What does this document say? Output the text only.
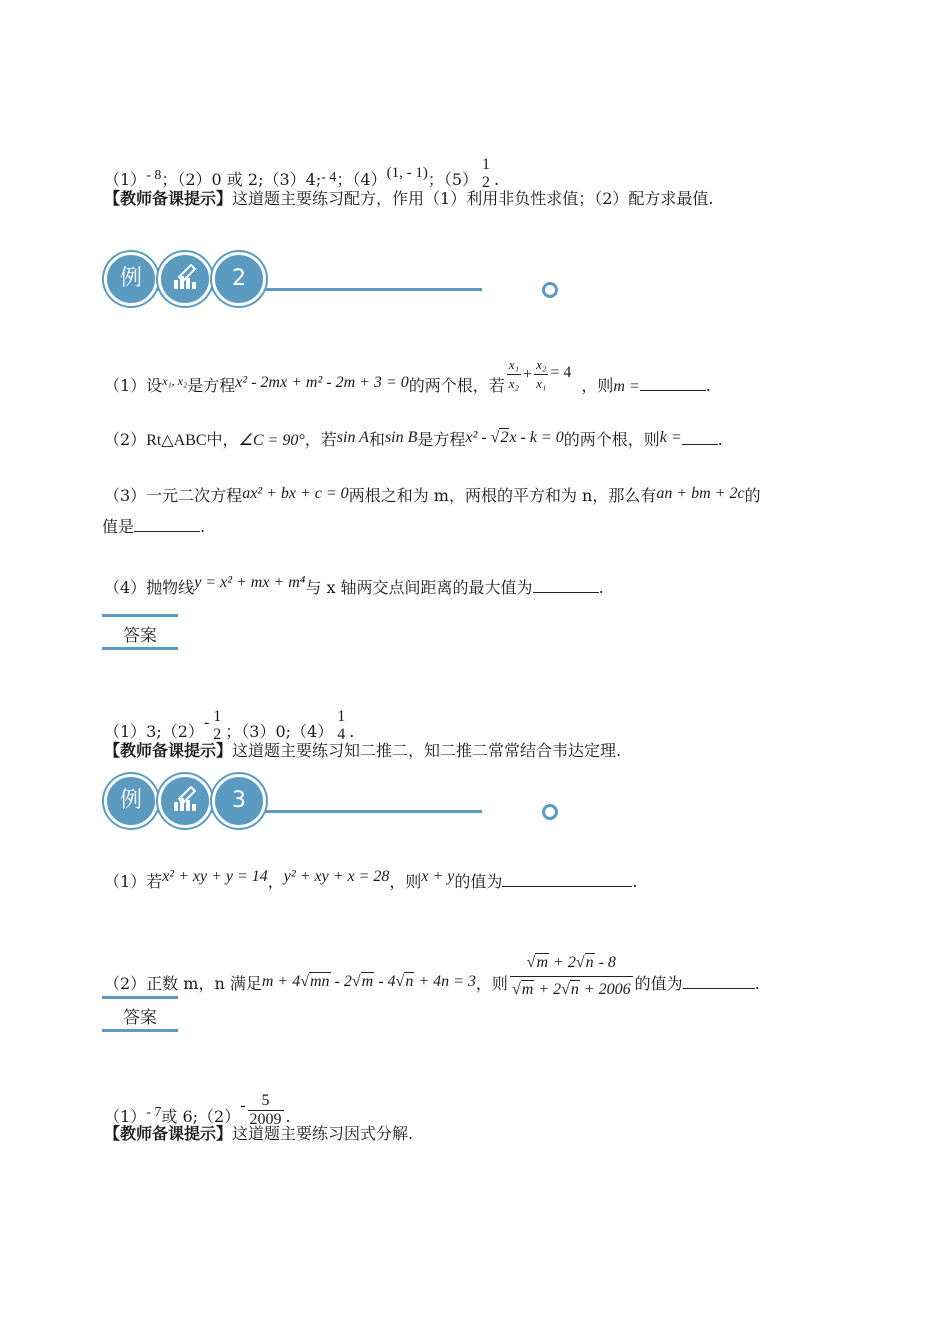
（1）- 8；（2）0 或 2;（3）4;- 4；（4）(1, - 1)；（5）
1
2 .
【教师备课提示】这道题主要练习配方，作用（1）利用非负性求值；（2）配方求最值.
例	2
（1）设$^{x_1, x_2}$是方程x² - 2mx + m² - 2m + 3 = 0的两个根，若 $\frac{\text{x₁}}{\text{x₂}} + \frac{\text{x₂}}{\text{x₁}} = 4$，则m =	.
（2）Rt△ABC中，∠C = 90°，若sin A和sin B是方程x² - √2x - k = 0的两个根，则k = .
（3）一元二次方程ax² + bx + c = 0两根之和为 m，两根的平方和为 n，那么有an + bm + 2c的
值是	.
（4）抛物线y = x² + mx + m⁴与 x 轴两交点间距离的最大值为	.
答案
（1）3;（2）- 1
2 ；（3）0;（4）
1
4 .
【教师备课提示】这道题主要练习知二推二，知二推二常常结合韦达定理.
例	3
（1）若x² + xy + y = 14，y² + xy + x = 28，则x + y的值为	.
（2）正数 m，n 满足m + 4√mn - 2√m - 4√n + 4n = 3，则 $\frac{√m + 2√n - 8}{√m + 2√n + 2006}$ 的值为	.
答案
（1）- 7或 6;（2）- $\frac{5}{2009}$ .
【教师备课提示】这道题主要练习因式分解.
